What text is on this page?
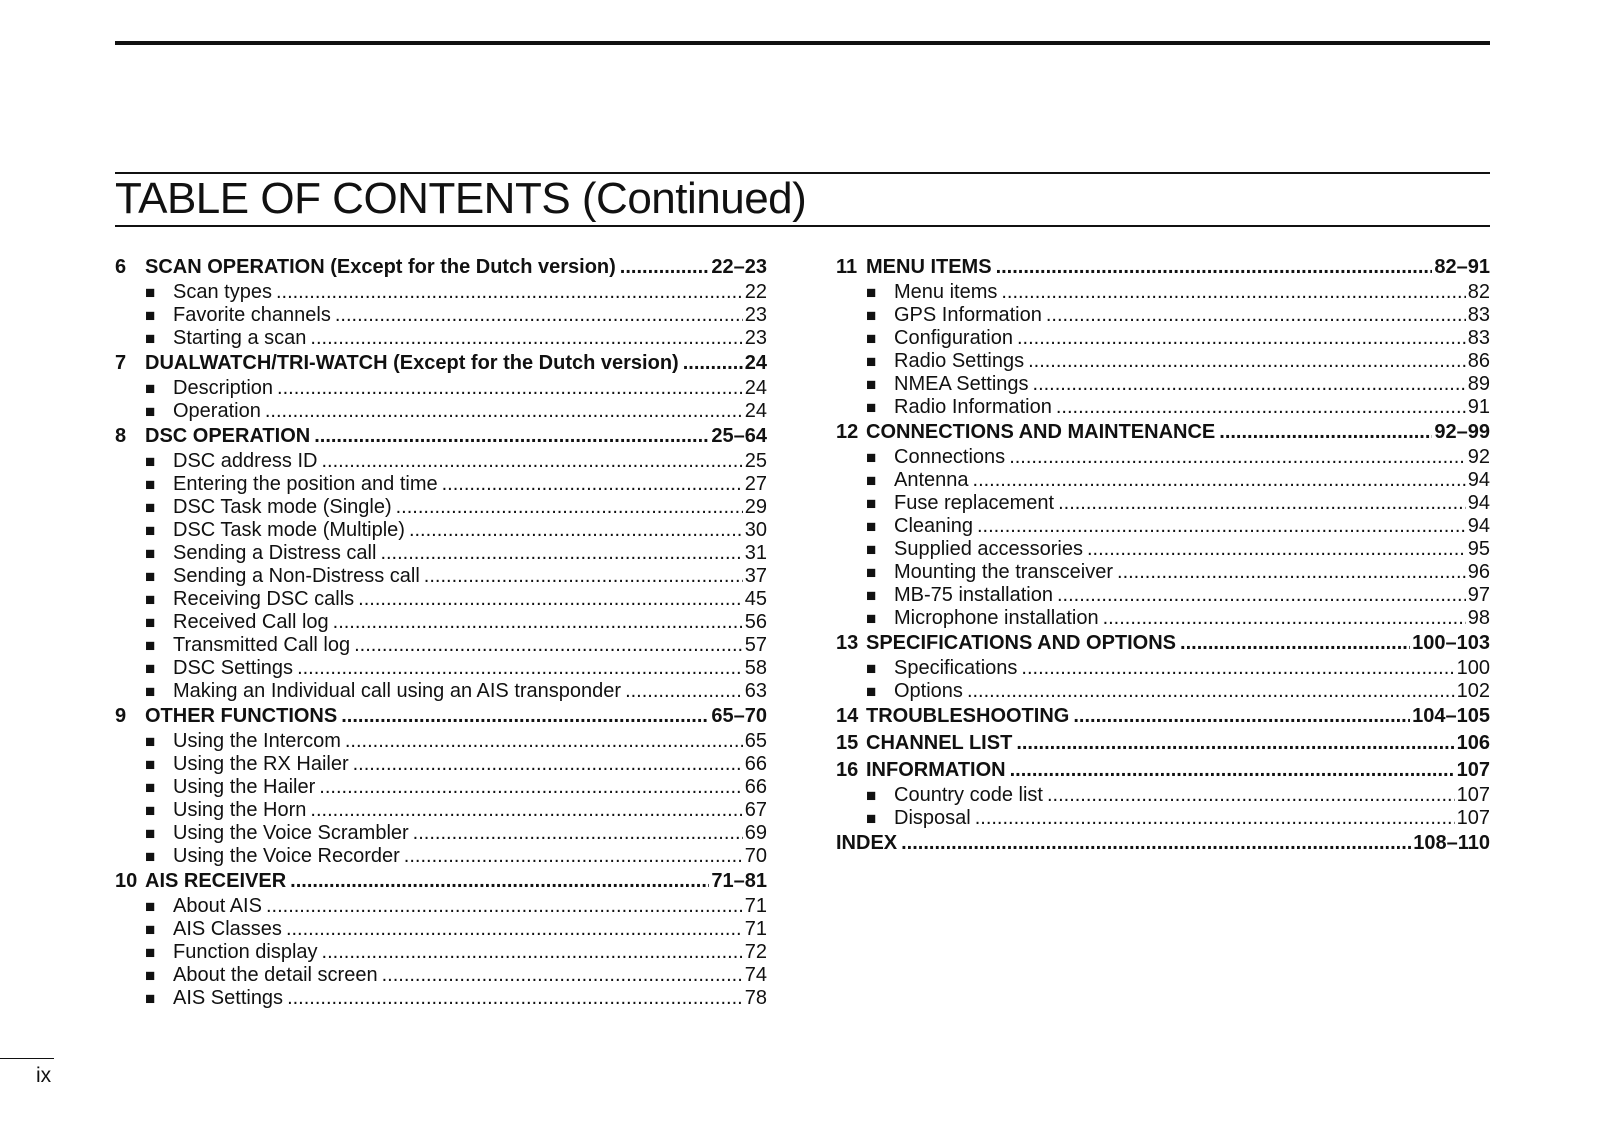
TABLE OF CONTENTS (Continued)
6 SCAN OPERATION (Except for the Dutch version) .....	22–23
■ Scan types .....	22
■ Favorite channels .....	23
■ Starting a scan .....	23
7 DUALWATCH/TRI-WATCH (Except for the Dutch version) .....	24
■ Description .....	24
■ Operation .....	24
8 DSC OPERATION .....	25–64
■ DSC address ID .....	25
■ Entering the position and time .....	27
■ DSC Task mode (Single) .....	29
■ DSC Task mode (Multiple) .....	30
■ Sending a Distress call .....	31
■ Sending a Non-Distress call .....	37
■ Receiving DSC calls .....	45
■ Received Call log .....	56
■ Transmitted Call log .....	57
■ DSC Settings .....	58
■ Making an Individual call using an AIS transponder .....	63
9 OTHER FUNCTIONS .....	65–70
■ Using the Intercom .....	65
■ Using the RX Hailer .....	66
■ Using the Hailer .....	66
■ Using the Horn .....	67
■ Using the Voice Scrambler .....	69
■ Using the Voice Recorder .....	70
10 AIS RECEIVER .....	71–81
■ About AIS .....	71
■ AIS Classes .....	71
■ Function display .....	72
■ About the detail screen .....	74
■ AIS Settings .....	78
11 MENU ITEMS .....	82–91
■ Menu items .....	82
■ GPS Information .....	83
■ Configuration .....	83
■ Radio Settings .....	86
■ NMEA Settings .....	89
■ Radio Information .....	91
12 CONNECTIONS AND MAINTENANCE .....	92–99
■ Connections .....	92
■ Antenna .....	94
■ Fuse replacement .....	94
■ Cleaning .....	94
■ Supplied accessories .....	95
■ Mounting the transceiver .....	96
■ MB-75 installation .....	97
■ Microphone installation .....	98
13 SPECIFICATIONS AND OPTIONS .....	100–103
■ Specifications .....	100
■ Options .....	102
14 TROUBLESHOOTING .....	104–105
15 CHANNEL LIST .....	106
16 INFORMATION .....	107
■ Country code list .....	107
■ Disposal .....	107
INDEX .....	108–110
ix
